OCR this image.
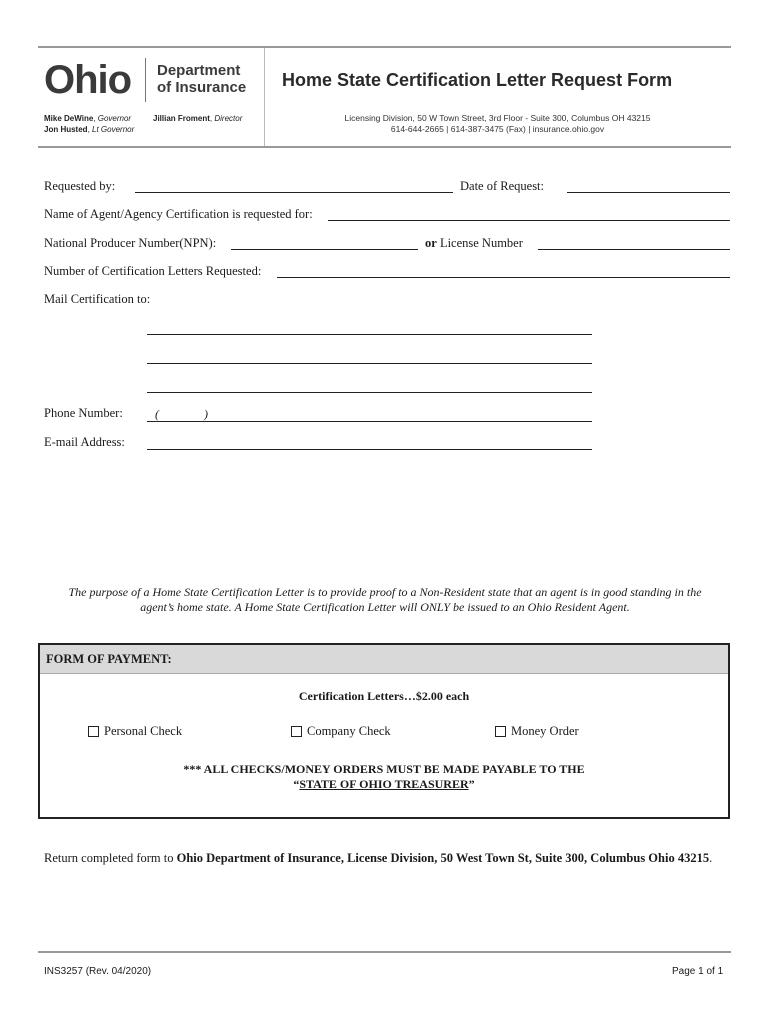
Ohio Department
of Insurance
Mike DeWine, Governor
Jon Husted, Lt Governor
Jillian Froment, Director
Home State Certification Letter Request Form
Licensing Division, 50 W Town Street, 3rd Floor - Suite 300, Columbus OH 43215
614-644-2665 | 614-387-3475 (Fax) | insurance.ohio.gov
Requested by:	Date of Request:
Name of Agent/Agency Certification is requested for:
National Producer Number(NPN):	or License Number
Number of Certification Letters Requested:
Mail Certification to:
Phone Number:	(	)
E-mail Address:
The purpose of a Home State Certification Letter is to provide proof to a Non-Resident state that an agent is in good standing in the
agent’s home state. A Home State Certification Letter will ONLY be issued to an Ohio Resident Agent.
FORM OF PAYMENT:
Certification Letters…$2.00 each
Personal Check	Company Check	Money Order
*** ALL CHECKS/MONEY ORDERS MUST BE MADE PAYABLE TO THE
“STATE OF OHIO TREASURER”
Return completed form to Ohio Department of Insurance, License Division, 50 West Town St, Suite 300, Columbus Ohio 43215.
INS3257 (Rev. 04/2020)	Page 1 of 1
